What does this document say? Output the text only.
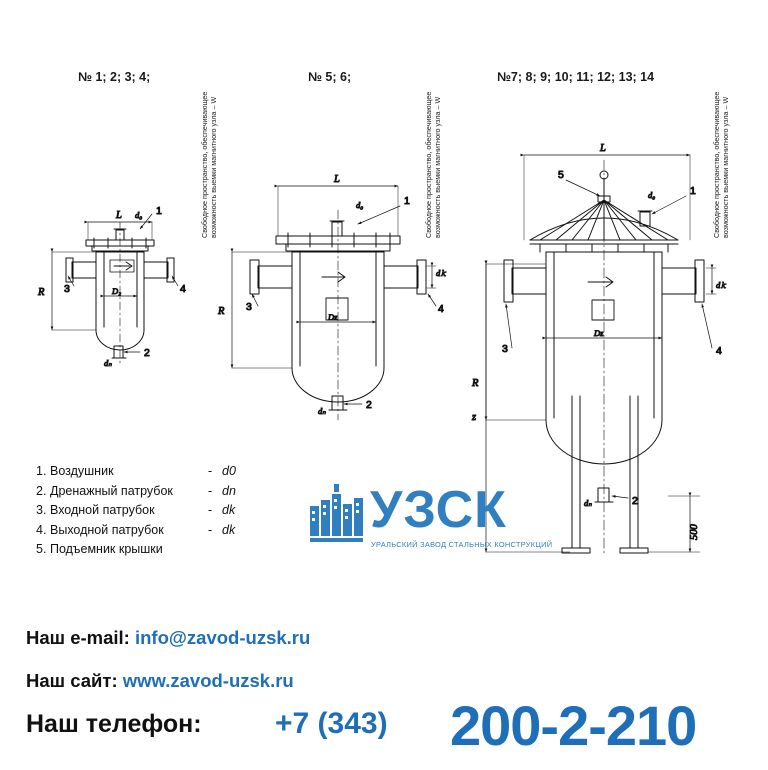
№ 1; 2; 3; 4;	№ 5; 6;	№7; 8; 9; 10; 11; 12; 13; 14
Свободное пространство, обеспечивающее возможность выемки магнитного узла – W	Свободное пространство, обеспечивающее возможность выемки магнитного узла – W	Свободное пространство, обеспечивающее возможность выемки магнитного узла – W
L d₀
R	D₂
dₙ
1
3	4
2
L
d₀
R	Dz
d𝚔
dₙ
1
3	4
2
L
d₀
R
z
Dz
d𝚔
dₙ
500
1
5
3	4
2
1. Воздушник	- d0
2. Дренажный патрубок	- dn
3. Входной патрубок	- dk
4. Выходной патрубок	- dk
5. Подъемник крышки
УЗСК
УРАЛЬСКИЙ ЗАВОД СТАЛЬНЫХ КОНСТРУКЦИЙ
Наш e-mail: info@zavod-uzsk.ru
Наш сайт: www.zavod-uzsk.ru
Наш телефон: +7 (343) 200-2-210
